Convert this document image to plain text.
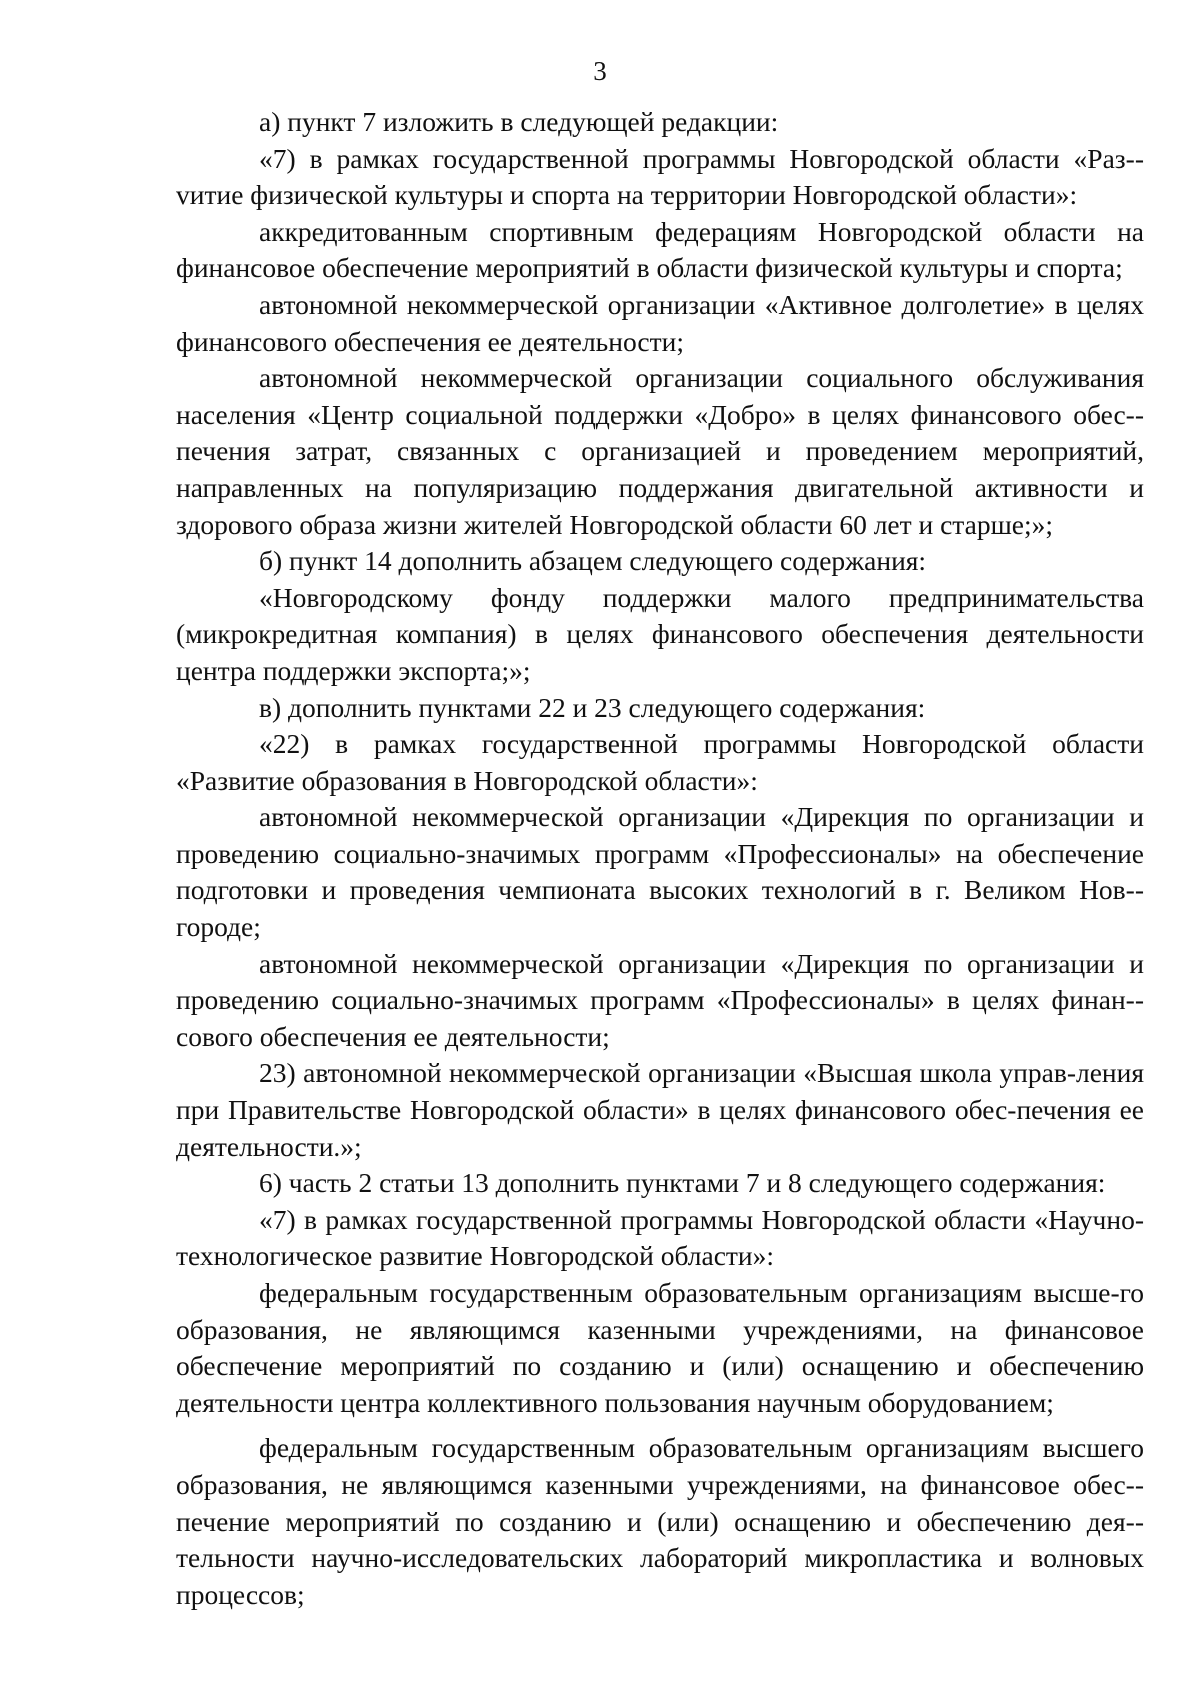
3

а) пункт 7 изложить в следующей редакции:

«7) в рамках государственной программы Новгородской области «Раз-vитие физической культуры и спорта на территории Новгородской области»:

аккредитованным спортивным федерациям Новгородской области на финансовое обеспечение мероприятий в области физической культуры и спорта;

автономной некоммерческой организации «Активное долголетие» в целях финансового обеспечения ее деятельности;

автономной некоммерческой организации социального обслуживания населения «Центр социальной поддержки «Добро» в целях финансового обес-печения затрат, связанных с организацией и проведением мероприятий, направленных на популяризацию поддержания двигательной активности и здорового образа жизни жителей Новгородской области 60 лет и старше;»;

б) пункт 14 дополнить абзацем следующего содержания:

«Новгородскому фонду поддержки малого предпринимательства (микрокредитная компания) в целях финансового обеспечения деятельности центра поддержки экспорта;»;

в) дополнить пунктами 22 и 23 следующего содержания:

«22) в рамках государственной программы Новгородской области «Развитие образования в Новгородской области»:

автономной некоммерческой организации «Дирекция по организации и проведению социально-значимых программ «Профессионалы» на обеспечение подготовки и проведения чемпионата высоких технологий в г. Великом Нов-городе;

автономной некоммерческой организации «Дирекция по организации и проведению социально-значимых программ «Профессионалы» в целях финан-сового обеспечения ее деятельности;

23) автономной некоммерческой организации «Высшая школа управ-ления при Правительстве Новгородской области» в целях финансового обес-печения ее деятельности.»;

6) часть 2 статьи 13 дополнить пунктами 7 и 8 следующего содержания:

«7) в рамках государственной программы Новгородской области «Научно-технологическое развитие Новгородской области»:

федеральным государственным образовательным организациям высше-го образования, не являющимся казенными учреждениями, на финансовое обеспечение мероприятий по созданию и (или) оснащению и обеспечению деятельности центра коллективного пользования научным оборудованием;

федеральным государственным образовательным организациям высшего образования, не являющимся казенными учреждениями, на финансовое обес-печение мероприятий по созданию и (или) оснащению и обеспечению дея-тельности научно-исследовательских лабораторий микропластика и волновых процессов;
